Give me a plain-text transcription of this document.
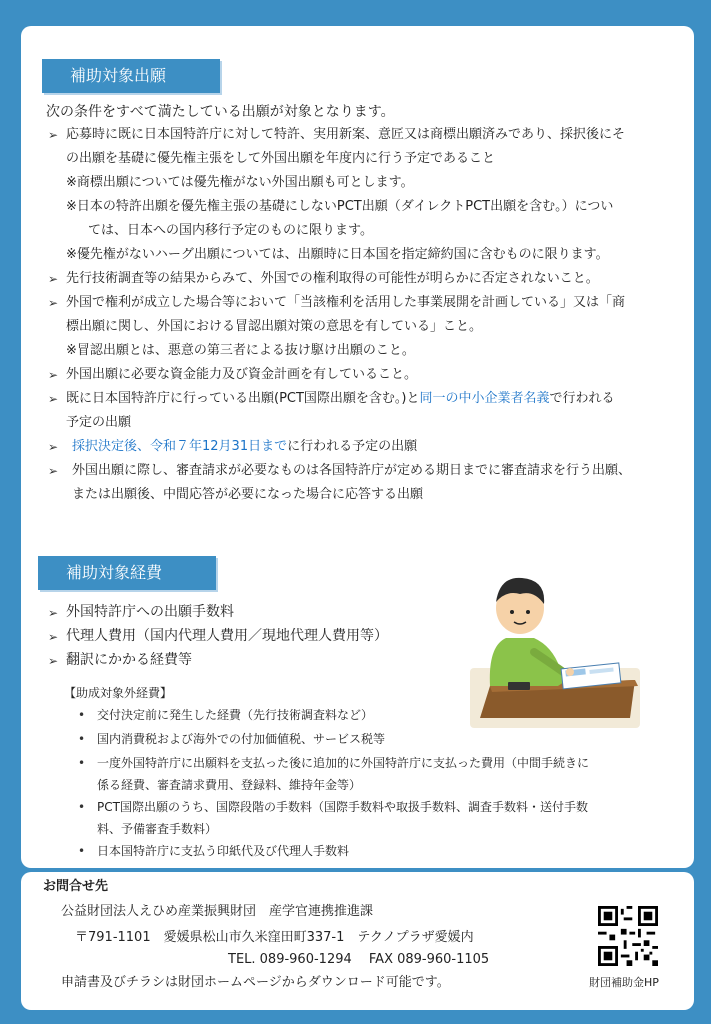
補助対象出願
次の条件をすべて満たしている出願が対象となります。
➢ 応募時に既に日本国特許庁に対して特許、実用新案、意匠又は商標出願済みであり、採択後にそ
の出願を基礎に優先権主張をして外国出願を年度内に行う予定であること
※商標出願については優先権がない外国出願も可とします。
※日本の特許出願を優先権主張の基礎にしないPCT出願（ダイレクトPCT出願を含む。）につい
ては、日本への国内移行予定のものに限ります。
※優先権がないハーグ出願については、出願時に日本国を指定締約国に含むものに限ります。
➢ 先行技術調査等の結果からみて、外国での権利取得の可能性が明らかに否定されないこと。
➢ 外国で権利が成立した場合等において「当該権利を活用した事業展開を計画している」又は「商
標出願に関し、外国における冒認出願対策の意思を有している」こと。
※冒認出願とは、悪意の第三者による抜け駆け出願のこと。
➢ 外国出願に必要な資金能力及び資金計画を有していること。
➢ 既に日本国特許庁に行っている出願(PCT国際出願を含む。)と同一の中小企業者名義で行われる
予定の出願
➢ 採択決定後、令和７年12月31日までに行われる予定の出願
➢ 外国出願に際し、審査請求が必要なものは各国特許庁が定める期日までに審査請求を行う出願、
または出願後、中間応答が必要になった場合に応答する出願
補助対象経費
➢ 外国特許庁への出願手数料
➢ 代理人費用（国内代理人費用／現地代理人費用等）
➢ 翻訳にかかる経費等
【助成対象外経費】
• 交付決定前に発生した経費（先行技術調査料など）
• 国内消費税および海外での付加価値税、サービス税等
• 一度外国特許庁に出願料を支払った後に追加的に外国特許庁に支払った費用（中間手続きに
係る経費、審査請求費用、登録料、維持年金等）
• PCT国際出願のうち、国際段階の手数料（国際手数料や取扱手数料、調査手数料・送付手数
料、予備審査手数料）
• 日本国特許庁に支払う印紙代及び代理人手数料
お問合せ先
公益財団法人えひめ産業振興財団　産学官連携推進課
〒791-1101　愛媛県松山市久米窪田町337-1　テクノプラザ愛媛内
TEL. 089-960-1294　 FAX 089-960-1105
申請書及びチラシは財団ホームページからダウンロード可能です。	財団補助金HP
